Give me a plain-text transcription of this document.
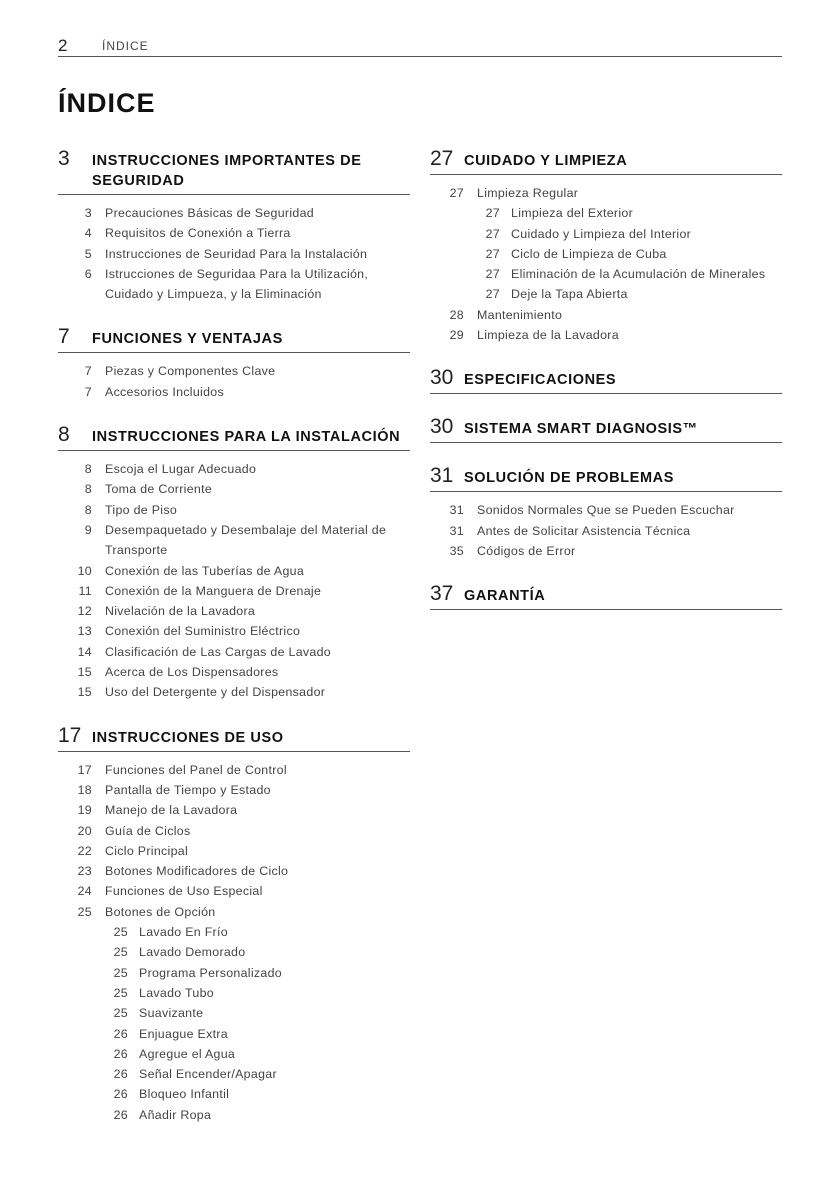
2	ÍNDICE
ÍNDICE
3	INSTRUCCIONES IMPORTANTES DE SEGURIDAD
3	Precauciones Básicas de Seguridad
4	Requisitos de Conexión a Tierra
5	Instrucciones de Seuridad Para la Instalación
6	Istrucciones de Seguridaa Para la Utilización, Cuidado y Limpueza, y la Eliminación
7	FUNCIONES Y VENTAJAS
7	Piezas y Componentes Clave
7	Accesorios Incluidos
8	INSTRUCCIONES PARA LA INSTALACIÓN
8	Escoja el Lugar Adecuado
8	Toma de Corriente
8	Tipo de Piso
9	Desempaquetado y Desembalaje del Material de Transporte
10	Conexión de las Tuberías de Agua
11	Conexión de la Manguera de Drenaje
12	Nivelación de la Lavadora
13	Conexión del Suministro Eléctrico
14	Clasificación de Las Cargas de Lavado
15	Acerca de Los Dispensadores
15	Uso del Detergente y del Dispensador
17 INSTRUCCIONES DE USO
17	Funciones del Panel de Control
18	Pantalla de Tiempo y Estado
19	Manejo de la Lavadora
20	Guía de Ciclos
22	Ciclo Principal
23	Botones Modificadores de Ciclo
24	Funciones de Uso Especial
25	Botones de Opción
25 Lavado En Frío
25 Lavado Demorado
25 Programa Personalizado
25 Lavado Tubo
25 Suavizante
26 Enjuague Extra
26 Agregue el Agua
26 Señal Encender/Apagar
26 Bloqueo Infantil
26 Añadir Ropa
27 CUIDADO Y LIMPIEZA
27	Limpieza Regular
27 Limpieza del Exterior
27 Cuidado y Limpieza del Interior
27 Ciclo de Limpieza de Cuba
27 Eliminación de la Acumulación de Minerales
27 Deje la Tapa Abierta
28	Mantenimiento
29	Limpieza de la Lavadora
30 ESPECIFICACIONES
30 SISTEMA SMART DIAGNOSIS™
31 SOLUCIÓN DE PROBLEMAS
31	Sonidos Normales Que se Pueden Escuchar
31	Antes de Solicitar Asistencia Técnica
35	Códigos de Error
37 GARANTÍA
